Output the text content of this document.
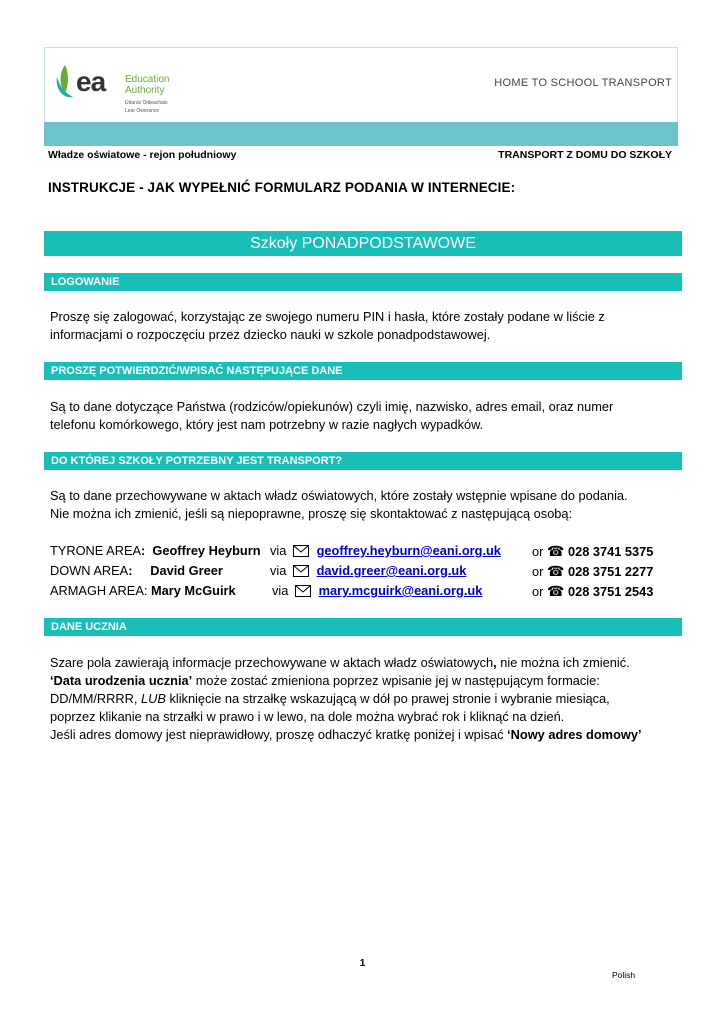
ea Education
Authority
Údarás Oideachais
Lear Owerance
HOME TO SCHOOL TRANSPORT
Władze oświatowe - rejon południowy	TRANSPORT Z DOMU DO SZKOŁY
INSTRUKCJE - JAK WYPEŁNIĆ FORMULARZ PODANIA W INTERNECIE:
Szkoły PONADPODSTAWOWE
LOGOWANIE
Proszę się zalogować, korzystając ze swojego numeru PIN i hasła, które zostały podane w liście z
informacjami o rozpoczęciu przez dziecko nauki w szkole ponadpodstawowej.
PROSZĘ POTWIERDZIĆ/WPISAĆ NASTĘPUJĄCE DANE
Są to dane dotyczące Państwa (rodziców/opiekunów) czyli imię, nazwisko, adres email, oraz numer
telefonu komórkowego, który jest nam potrzebny w razie nagłych wypadków.
DO KTÓREJ SZKOŁY POTRZEBNY JEST TRANSPORT?
Są to dane przechowywane w aktach władz oświatowych, które zostały wstępnie wpisane do podania.
Nie można ich zmienić, jeśli są niepoprawne, proszę się skontaktować z następującą osobą:
TYRONE AREA: Geoffrey Heyburn via geoffrey.heyburn@eani.org.uk or ☎ 028 3741 5375
DOWN AREA: David Greer	via david.greer@eani.org.uk	or ☎ 028 3751 2277
ARMAGH AREA: Mary McGuirk	via mary.mcguirk@eani.org.uk	or ☎ 028 3751 2543
DANE UCZNIA
Szare pola zawierają informacje przechowywane w aktach władz oświatowych, nie można ich zmienić.
‘Data urodzenia ucznia’ może zostać zmieniona poprzez wpisanie jej w następującym formacie:
DD/MM/RRRR, LUB kliknięcie na strzałkę wskazującą w dół po prawej stronie i wybranie miesiąca,
poprzez klikanie na strzałki w prawo i w lewo, na dole można wybrać rok i kliknąć na dzień.
Jeśli adres domowy jest nieprawidłowy, proszę odhaczyć kratkę poniżej i wpisać ‘Nowy adres domowy’
1
Polish
